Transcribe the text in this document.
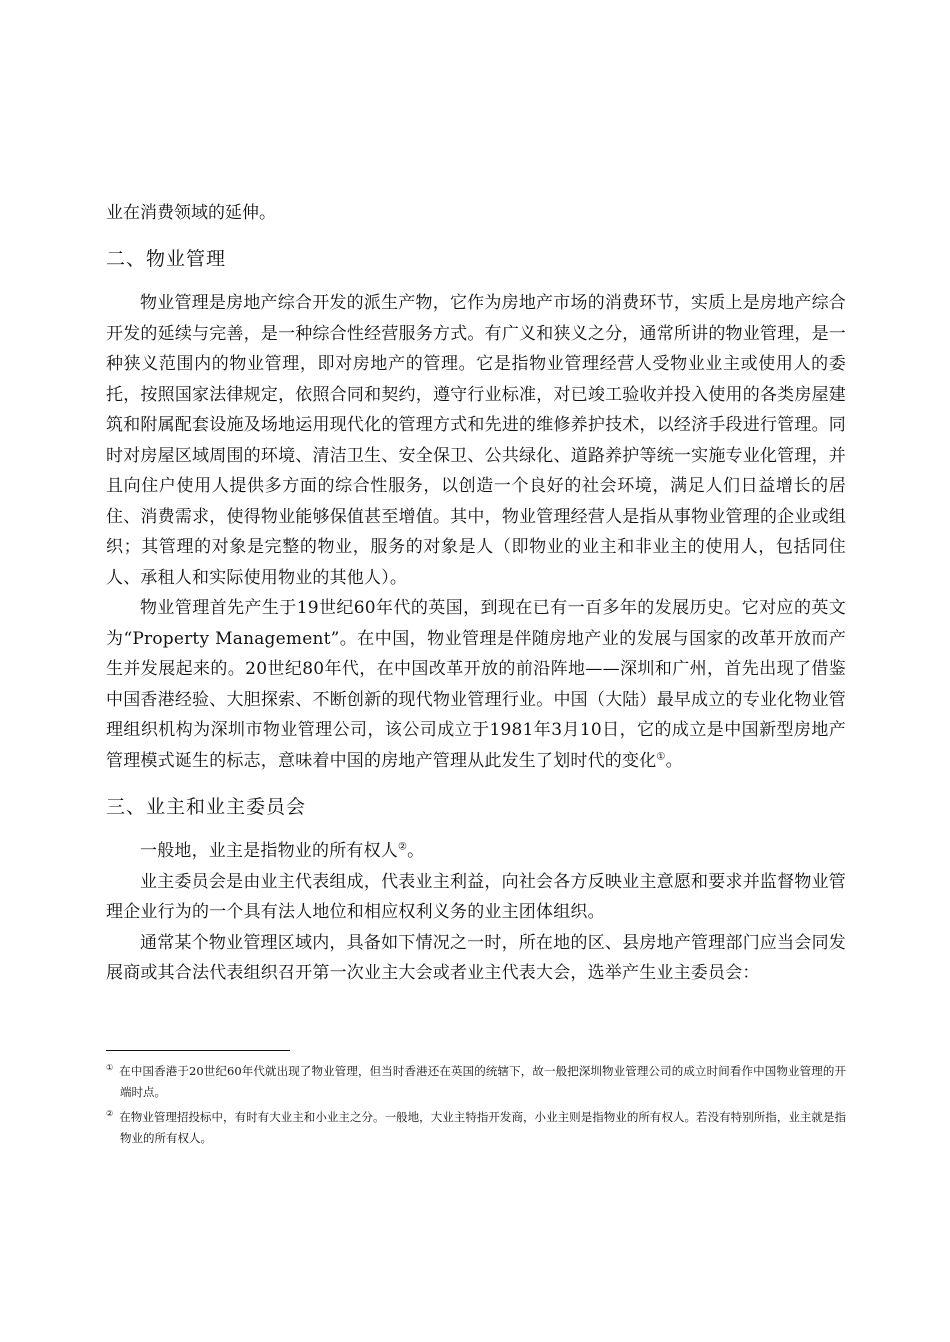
业在消费领域的延伸。

二、物业管理

物业管理是房地产综合开发的派生产物，它作为房地产市场的消费环节，实质上是房地产综合开发的延续与完善，是一种综合性经营服务方式。有广义和狭义之分，通常所讲的物业管理，是一种狭义范围内的物业管理，即对房地产的管理。它是指物业管理经营人受物业业主或使用人的委托，按照国家法律规定，依照合同和契约，遵守行业标准，对已竣工验收并投入使用的各类房屋建筑和附属配套设施及场地运用现代化的管理方式和先进的维修养护技术，以经济手段进行管理。同时对房屋区域周围的环境、清洁卫生、安全保卫、公共绿化、道路养护等统一实施专业化管理，并且向住户使用人提供多方面的综合性服务，以创造一个良好的社会环境，满足人们日益增长的居住、消费需求，使得物业能够保值甚至增值。其中，物业管理经营人是指从事物业管理的企业或组织；其管理的对象是完整的物业，服务的对象是人（即物业的业主和非业主的使用人，包括同住人、承租人和实际使用物业的其他人）。

物业管理首先产生于19世纪60年代的英国，到现在已有一百多年的发展历史。它对应的英文为“Property Management”。在中国，物业管理是伴随房地产业的发展与国家的改革开放而产生并发展起来的。20世纪80年代，在中国改革开放的前沿阵地——深圳和广州，首先出现了借鉴中国香港经验、大胆探索、不断创新的现代物业管理行业。中国（大陆）最早成立的专业化物业管理组织机构为深圳市物业管理公司，该公司成立于1981年3月10日，它的成立是中国新型房地产管理模式诞生的标志，意味着中国的房地产管理从此发生了划时代的变化①。

三、业主和业主委员会

一般地，业主是指物业的所有权人②。

业主委员会是由业主代表组成，代表业主利益，向社会各方反映业主意愿和要求并监督物业管理企业行为的一个具有法人地位和相应权利义务的业主团体组织。

通常某个物业管理区域内，具备如下情况之一时，所在地的区、县房地产管理部门应当会同发展商或其合法代表组织召开第一次业主大会或者业主代表大会，选举产生业主委员会：

① 在中国香港于20世纪60年代就出现了物业管理，但当时香港还在英国的统辖下，故一般把深圳物业管理公司的成立时间看作中国物业管理的开端时点。

② 在物业管理招投标中，有时有大业主和小业主之分。一般地，大业主特指开发商，小业主则是指物业的所有权人。若没有特别所指，业主就是指物业的所有权人。
